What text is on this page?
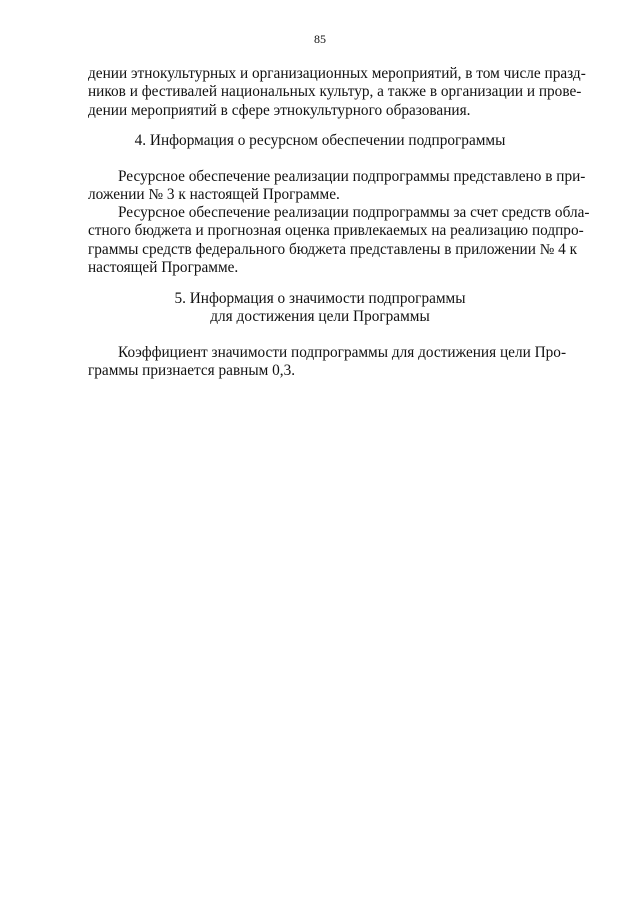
85
дении этнокультурных и организационных мероприятий, в том числе празд-
ников и фестивалей национальных культур, а также в организации и прове-
дении мероприятий в сфере этнокультурного образования.
4. Информация о ресурсном обеспечении подпрограммы
Ресурсное обеспечение реализации подпрограммы представлено в при-
ложении № 3 к настоящей Программе.
Ресурсное обеспечение реализации подпрограммы за счет средств обла-
стного бюджета и прогнозная оценка привлекаемых на реализацию подпро-
граммы средств федерального бюджета представлены в приложении № 4 к
настоящей Программе.
5. Информация о значимости подпрограммы
для достижения цели Программы
Коэффициент значимости подпрограммы для достижения цели Про-
граммы признается равным 0,3.
